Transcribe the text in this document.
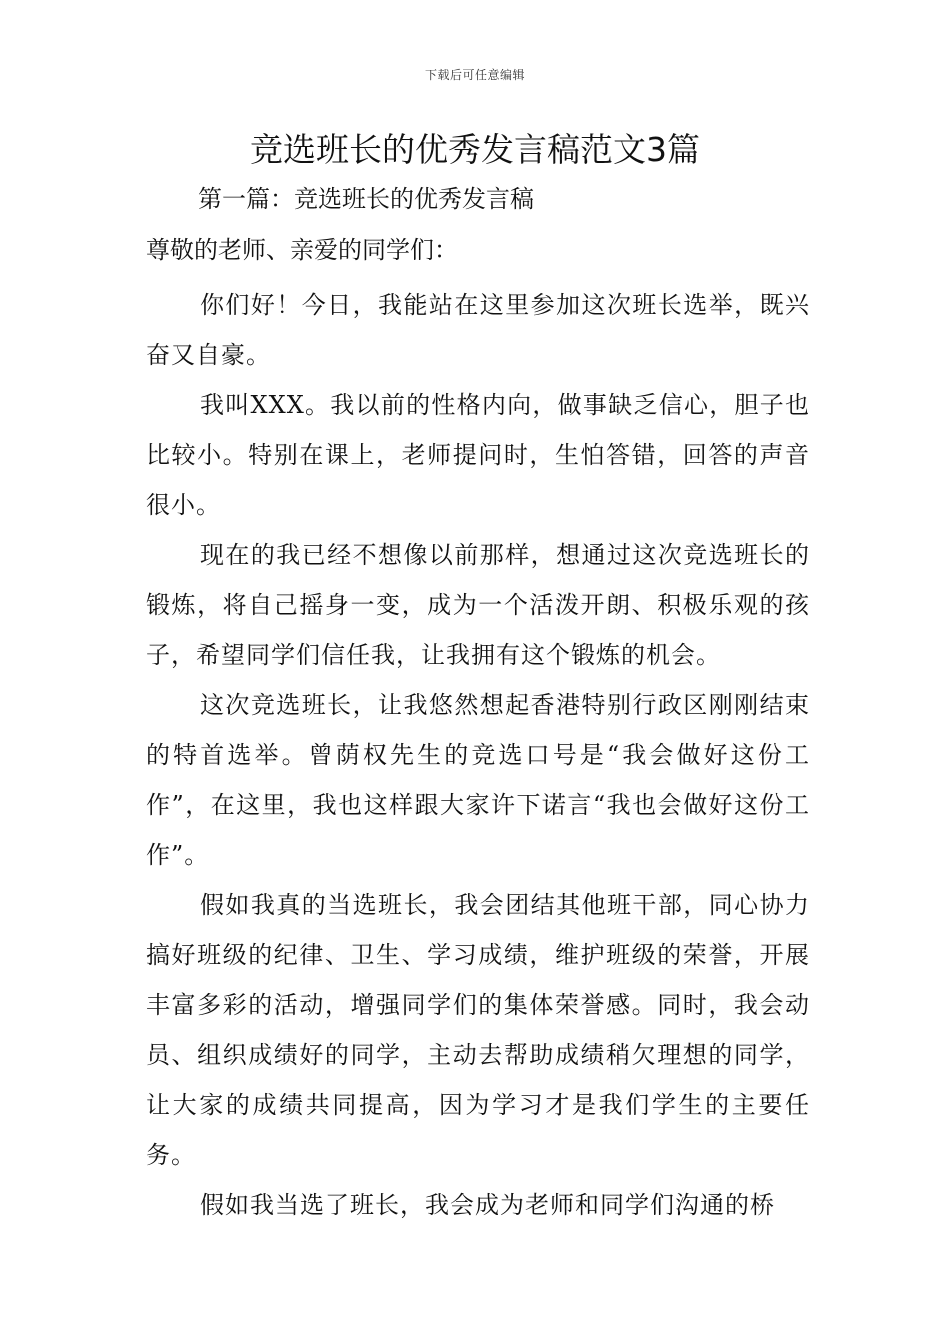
下载后可任意编辑
竞选班长的优秀发言稿范文3篇
第一篇：竞选班长的优秀发言稿

尊敬的老师、亲爱的同学们：

你们好！今日，我能站在这里参加这次班长选举，既兴奋又自豪。

我叫XXX。我以前的性格内向，做事缺乏信心，胆子也比较小。特别在课上，老师提问时，生怕答错，回答的声音很小。

现在的我已经不想像以前那样，想通过这次竞选班长的锻炼，将自己摇身一变，成为一个活泼开朗、积极乐观的孩子，希望同学们信任我，让我拥有这个锻炼的机会。

这次竞选班长，让我悠然想起香港特别行政区刚刚结束的特首选举。曾荫权先生的竞选口号是“我会做好这份工作”，在这里，我也这样跟大家许下诺言“我也会做好这份工作”。

假如我真的当选班长，我会团结其他班干部，同心协力搞好班级的纪律、卫生、学习成绩，维护班级的荣誉，开展丰富多彩的活动，增强同学们的集体荣誉感。同时，我会动员、组织成绩好的同学，主动去帮助成绩稍欠理想的同学，让大家的成绩共同提高，因为学习才是我们学生的主要任务。

假如我当选了班长，我会成为老师和同学们沟通的桥
